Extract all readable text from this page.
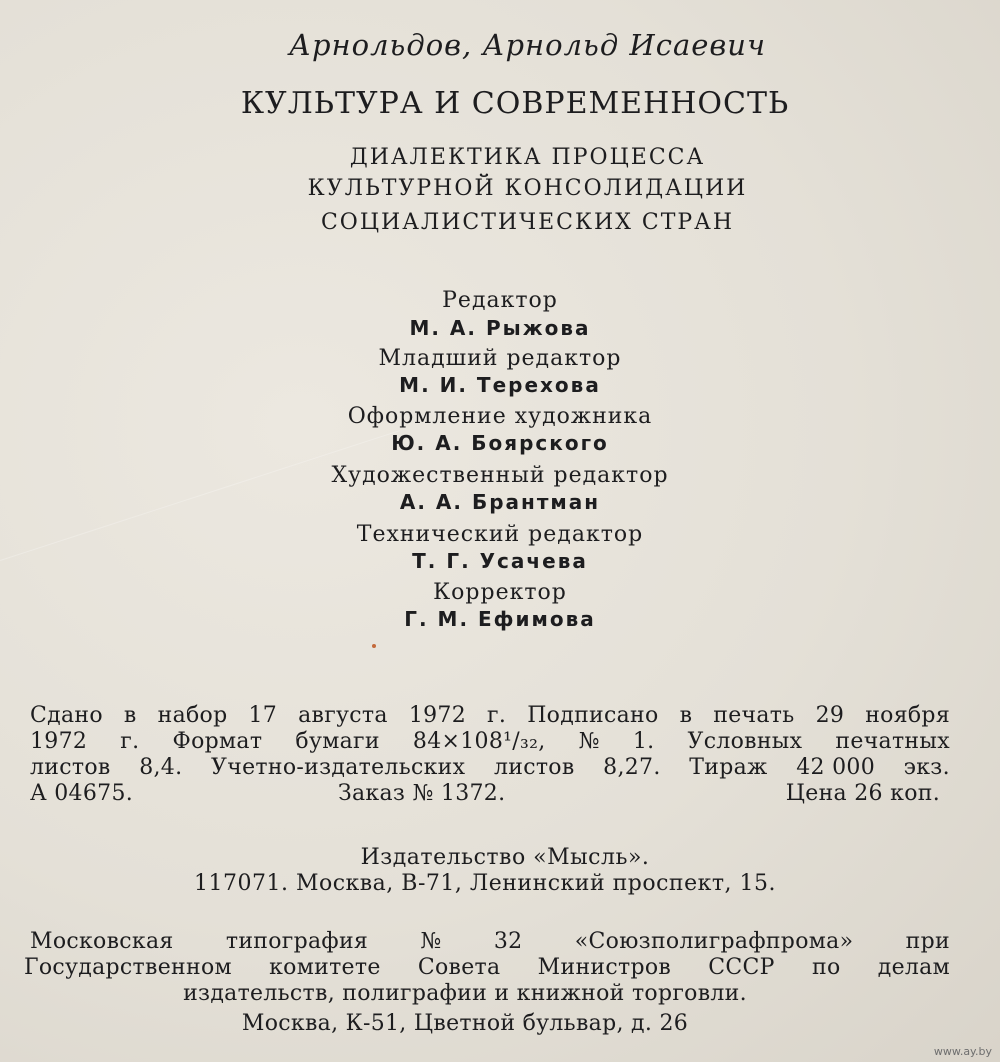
Арнольдов, Арнольд Исаевич
КУЛЬТУРА И СОВРЕМЕННОСТЬ
ДИАЛЕКТИКА ПРОЦЕССА
КУЛЬТУРНОЙ КОНСОЛИДАЦИИ
СОЦИАЛИСТИЧЕСКИХ СТРАН
Редактор
М. А. Рыжова
Младший редактор
М. И. Терехова
Оформление художника
Ю. А. Боярского
Художественный редактор
А. А. Брантман
Технический редактор
Т. Г. Усачева
Корректор
Г. М. Ефимова
Сдано в набор 17 августа 1972 г. Подписано в печать 29 ноября
1972 г. Формат бумаги 84×108¹/₃₂, № 1. Условных печатных
листов 8,4. Учетно-издательских листов 8,27. Тираж 42 000 экз.
А 04675.	Заказ № 1372.	Цена 26 коп.
Издательство «Мысль».
117071. Москва, В-71, Ленинский проспект, 15.
Московская типография № 32 «Союзполиграфпрома» при
Государственном комитете Совета Министров СССР по делам
издательств, полиграфии и книжной торговли.
Москва, К-51, Цветной бульвар, д. 26
www.ay.by
